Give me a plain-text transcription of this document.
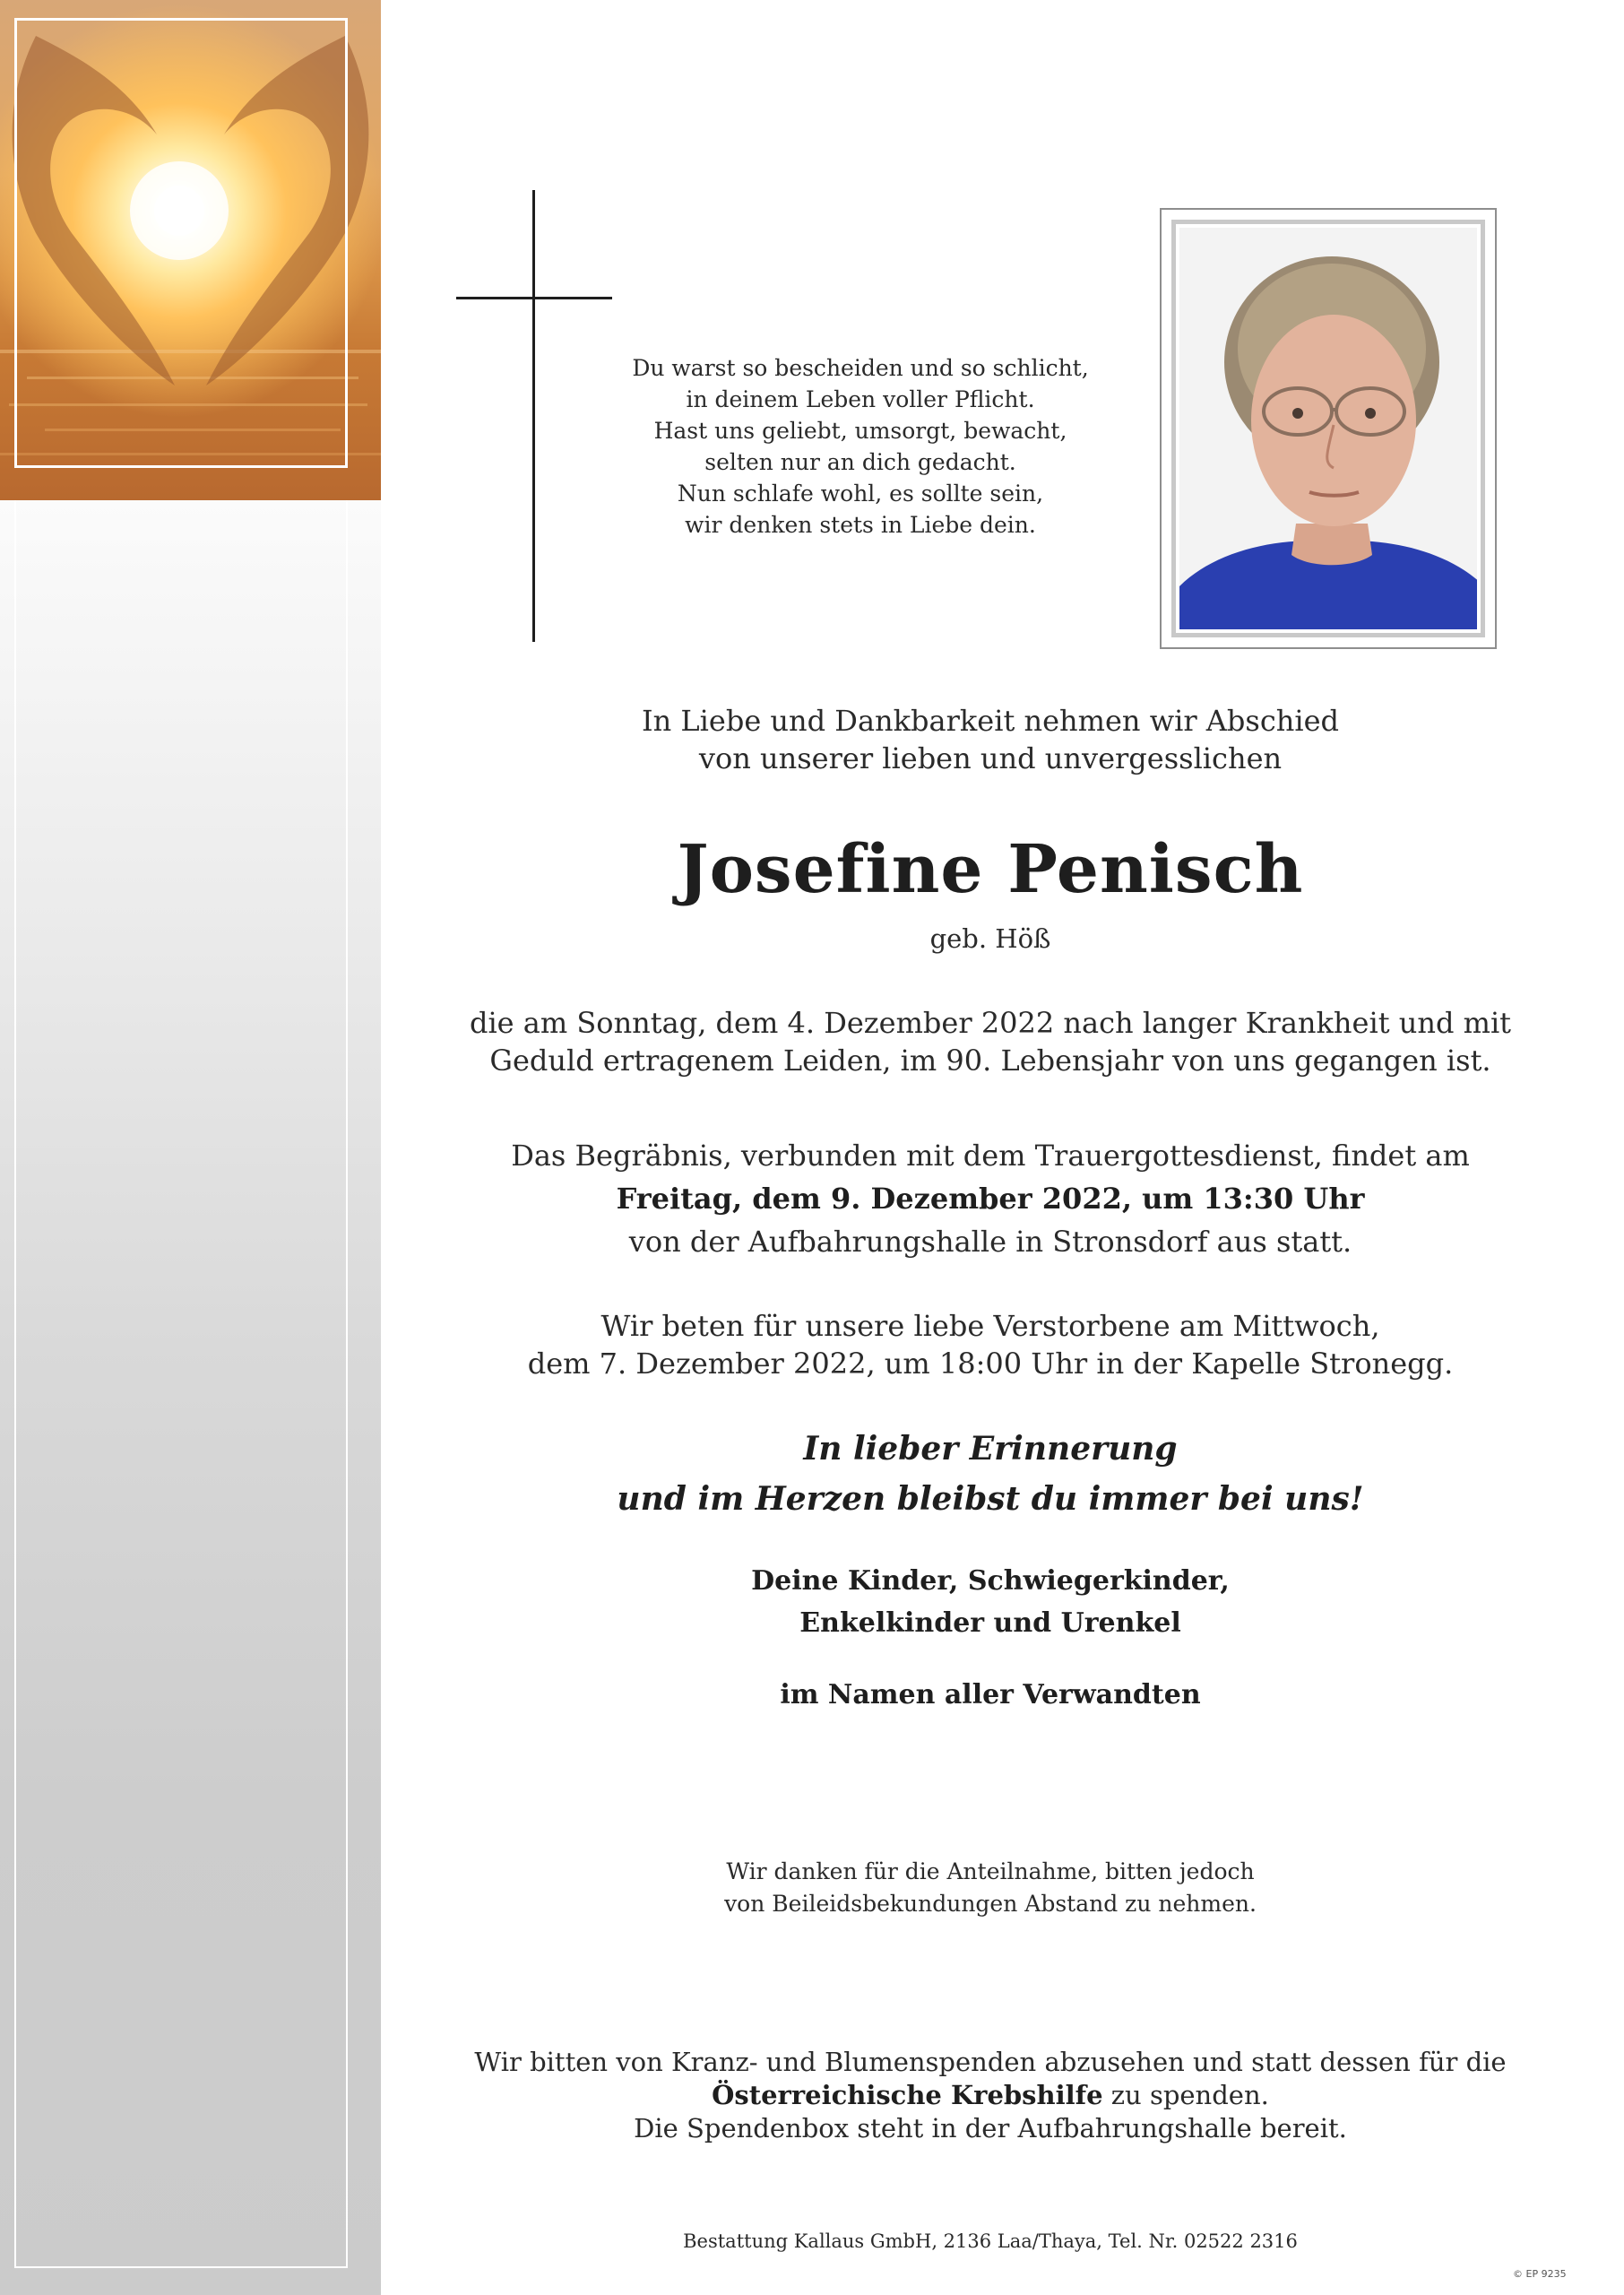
Du warst so bescheiden und so schlicht,
in deinem Leben voller Pflicht.
Hast uns geliebt, umsorgt, bewacht,
selten nur an dich gedacht.
Nun schlafe wohl, es sollte sein,
wir denken stets in Liebe dein.
In Liebe und Dankbarkeit nehmen wir Abschied
von unserer lieben und unvergesslichen
Josefine Penisch
geb. Höß
die am Sonntag, dem 4. Dezember 2022 nach langer Krankheit und mit
Geduld ertragenem Leiden, im 90. Lebensjahr von uns gegangen ist.
Das Begräbnis, verbunden mit dem Trauergottesdienst, findet am
Freitag, dem 9. Dezember 2022, um 13:30 Uhr
von der Aufbahrungshalle in Stronsdorf aus statt.
Wir beten für unsere liebe Verstorbene am Mittwoch,
dem 7. Dezember 2022, um 18:00 Uhr in der Kapelle Stronegg.
In lieber Erinnerung
und im Herzen bleibst du immer bei uns!
Deine Kinder, Schwiegerkinder,
Enkelkinder und Urenkel
im Namen aller Verwandten
Wir danken für die Anteilnahme, bitten jedoch
von Beileidsbekundungen Abstand zu nehmen.
Wir bitten von Kranz- und Blumenspenden abzusehen und statt dessen für die
Österreichische Krebshilfe zu spenden.
Die Spendenbox steht in der Aufbahrungshalle bereit.
Bestattung Kallaus GmbH, 2136 Laa/Thaya, Tel. Nr. 02522 2316
© EP 9235
